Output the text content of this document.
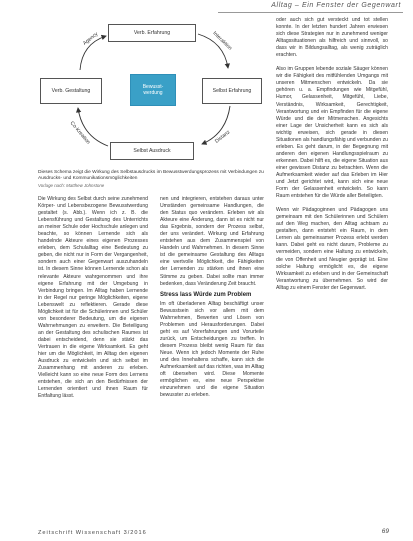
Alltag – Ein Fenster der Gegenwart
Verb. Erfahrung
Verb. Gestaltung	Selbst Erfahrung
Selbst Ausdruck
Bewusst-
werdung
Agency	Interaktion
Distanz
Co-Kreation
Dieses Schema zeigt die Wirkung des Selbstausdrucks im Bewusstwerdungsprozess mit Verbindungen zu Ausdrucks- und Kommunikationsmöglichkeiten
Vorlage nach: Matthew Johnstone

Die Wirkung des Selbst durch seine zunehmend Körper- und Lebensbezogene Bewusstwerdung gestaltet (s. Abb.). Wenn ich z. B. die Lebensführung und Gestaltung des Unterrichts an meiner Schule oder Hochschule anlegen und beachte, so können Lernende sich als handelnde Akteure eines eigenen Prozesses erleben, dem Schulalltag eine Bedeutung zu geben, die nicht nur in Form der Vergangenheit, sondern auch einer Gegenwart auszuhandeln ist. In diesem Sinne können Lernende schon als relevante Akteure wahrgenommen und ihre eigene Erfahrung mit der Umgebung in Verbindung bringen. Im Alltag haben Lernende in der Regel nur geringe Möglichkeiten, eigene Lebenswelt zu reflektieren. Gerade diese Möglichkeit ist für die Schülerinnen und Schüler von besonderer Bedeutung, um die eigenen Wahrnehmungen zu erweitern. Die Beteiligung an der Gestaltung des schulischen Raumes ist dabei entscheidend, denn sie stärkt das Vertrauen in die eigene Wirksamkeit. Es geht hier um die Möglichkeit, im Alltag den eigenen Ausdruck zu entwickeln und sich selbst im Zusammenhang mit anderen zu erleben. Vielleicht kann so eine neue Form des Lernens entstehen, die sich an den Bedürfnissen der Lernenden orientiert und ihnen Raum für Entfaltung lässt.

nen und integrieren, entstehen daraus unter Umständen gemeinsame Handlungen, die den Status quo verändern. Erleben wir als Akteure eine Änderung, dann ist es nicht nur das Ergebnis, sondern der Prozess selbst, der uns verändert. Wirkung und Erfahrung entstehen aus dem Zusammenspiel von Handeln und Wahrnehmen. In diesem Sinne ist die gemeinsame Gestaltung des Alltags eine wertvolle Möglichkeit, die Fähigkeiten der Lernenden zu stärken und ihnen eine Stimme zu geben. Dabei sollte man immer bedenken, dass Veränderung Zeit braucht.

Stress lass Würde zum Problem

Im oft überladenen Alltag beschäftigt unser Bewusstsein sich vor allem mit dem Wahrnehmen, Bewerten und Lösen von Problemen und Herausforderungen. Dabei geht es auf Vorerfahrungen und Vorurteile zurück, um Entscheidungen zu treffen. In diesem Prozess bleibt wenig Raum für das Neue. Wenn ich jedoch Momente der Ruhe und des Innehaltens schaffe, kann sich die Aufmerksamkeit auf das richten, was im Alltag oft übersehen wird. Diese Momente ermöglichen es, eine neue Perspektive einzunehmen und die eigene Situation bewusster zu erleben.

oder auch sich gut versteckt und tot stellen konnte. In der letzten hundert Jahren erwiesen sich diese Strategien nur in zunehmend weniger Alltagssituationen als hilfreich und sinnvoll, so dass wir in Bildungsalltag, als wenig zuträglich erachten.

Also im Gruppen lebende soziale Säuger können wir die Fähigkeit des mitfühlenden Umgangs mit unseren Mitmenschen entwickeln. Da sie gehören u. a. Empfindungen wie Mitgefühl, Humor, Gelassenheit, Mitgefühl, Liebe, Verständnis, Wirksamkeit, Gerechtigkeit, Verantwortung und ein Empfinden für die eigene Würde und die der Mitmenschen. Angesichts einer Lage der Unsicherheit kann es sich als wichtig erweisen, sich gerade in diesen Situationen als handlungsfähig und verbunden zu erleben. Es geht darum, in der Begegnung mit anderen den eigenen Handlungsspielraum zu erkennen. Dabei hilft es, die eigene Situation aus einer gewissen Distanz zu betrachten. Wenn die Aufmerksamkeit wieder auf das Erleben im Hier und Jetzt gerichtet wird, kann sich eine neue Form der Gelassenheit entwickeln. So kann Raum entstehen für die Würde aller Beteiligten.

Wenn wir Pädagoginnen und Pädagogen uns gemeinsam mit den Schülerinnen und Schülern auf den Weg machen, den Alltag achtsam zu gestalten, dann entsteht ein Raum, in dem Lernen als gemeinsamer Prozess erlebt werden kann. Dabei geht es nicht darum, Probleme zu vermeiden, sondern eine Haltung zu entwickeln, die von Offenheit und Neugier geprägt ist. Eine solche Haltung ermöglicht es, die eigene Wirksamkeit zu erleben und in der Gemeinschaft Verantwortung zu übernehmen. So wird der Alltag zu einem Fenster der Gegenwart.

Zeitschrift Wissenschaft 3/2016	69
